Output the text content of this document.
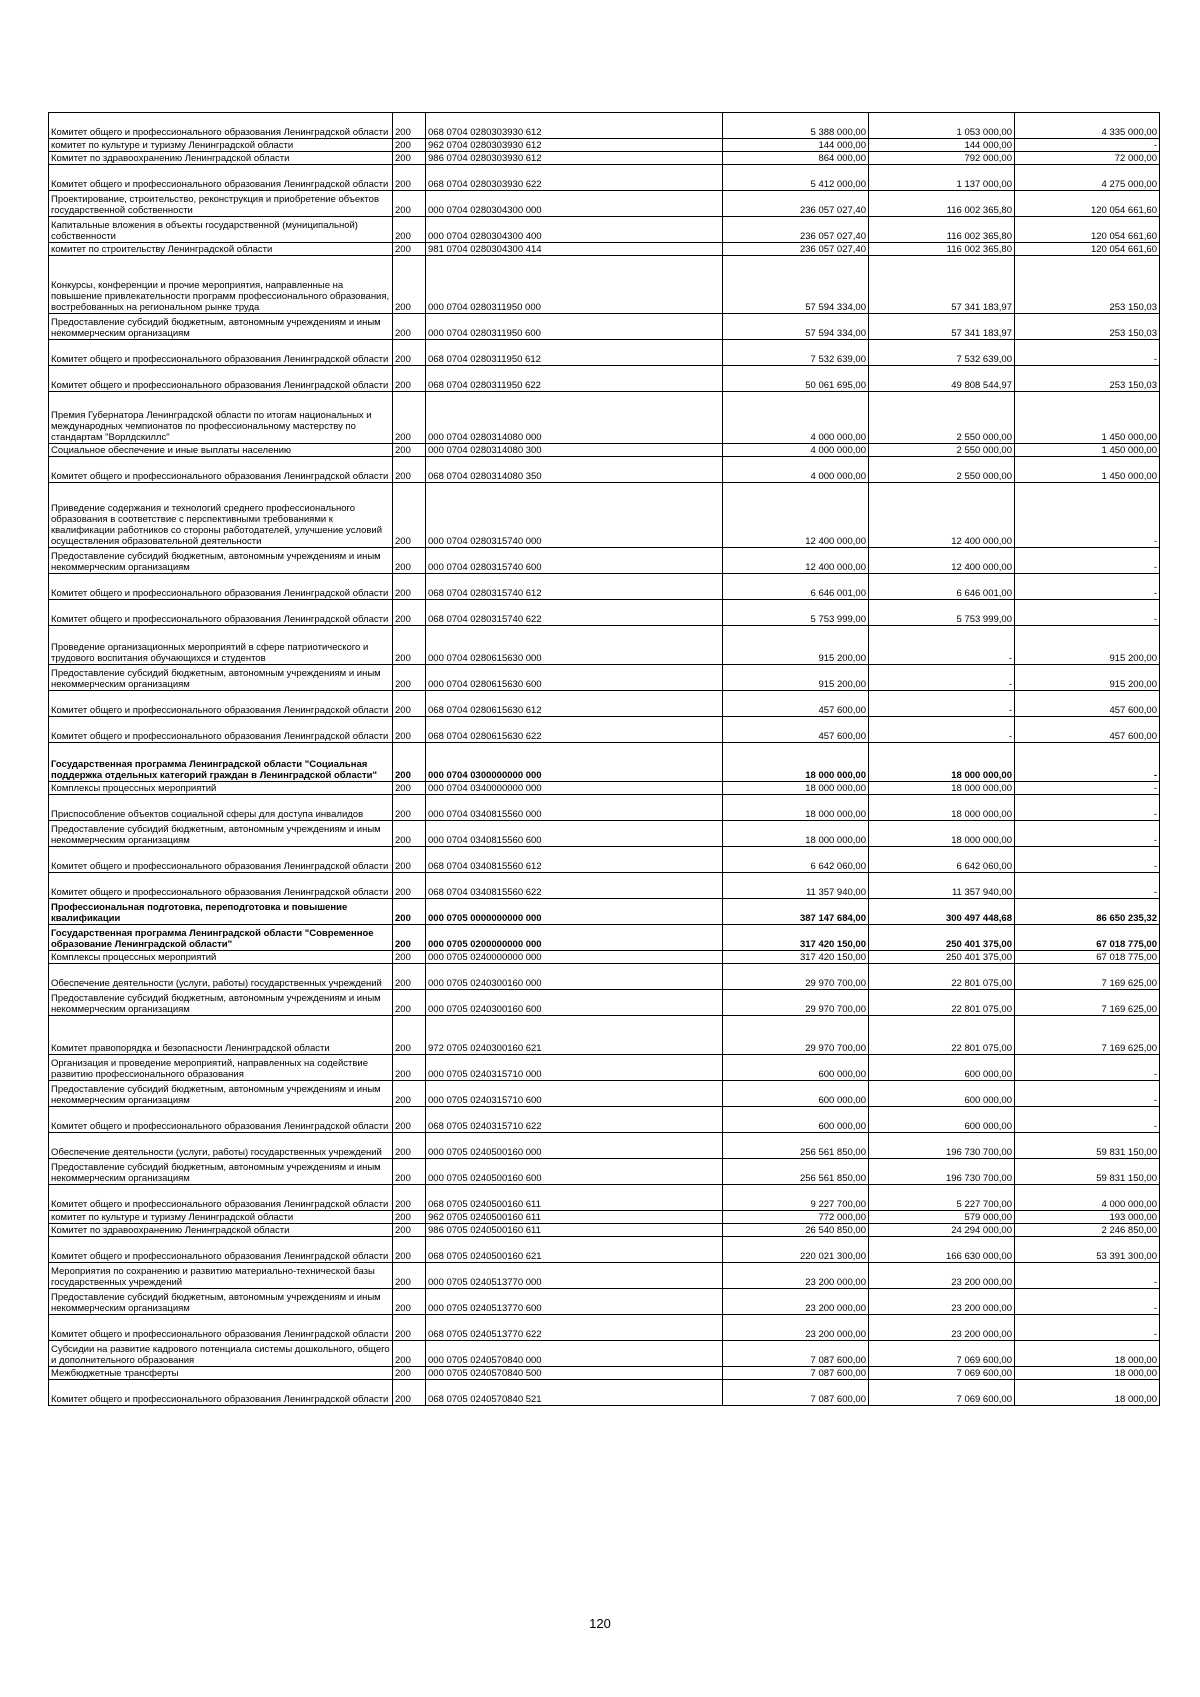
Комитет общего и профессионального образования Ленинградской области	200	068 0704 0280303930 612	5 388 000,00	1 053 000,00	4 335 000,00
комитет по культуре и туризму Ленинградской области	200	962 0704 0280303930 612	144 000,00	144 000,00	-
Комитет по здравоохранению Ленинградской области	200	986 0704 0280303930 612	864 000,00	792 000,00	72 000,00
Комитет общего и профессионального образования Ленинградской области	200	068 0704 0280303930 622	5 412 000,00	1 137 000,00	4 275 000,00
Проектирование, строительство, реконструкция и приобретение объектов государственной собственности	200	000 0704 0280304300 000	236 057 027,40	116 002 365,80	120 054 661,60
Капитальные вложения в объекты государственной (муниципальной) собственности	200	000 0704 0280304300 400	236 057 027,40	116 002 365,80	120 054 661,60
комитет по строительству Ленинградской области	200	981 0704 0280304300 414	236 057 027,40	116 002 365,80	120 054 661,60
Конкурсы, конференции и прочие мероприятия, направленные на повышение привлекательности программ профессионального образования, востребованных на региональном рынке труда	200	000 0704 0280311950 000	57 594 334,00	57 341 183,97	253 150,03
Предоставление субсидий бюджетным, автономным учреждениям и иным некоммерческим организациям	200	000 0704 0280311950 600	57 594 334,00	57 341 183,97	253 150,03
Комитет общего и профессионального образования Ленинградской области	200	068 0704 0280311950 612	7 532 639,00	7 532 639,00	-
Комитет общего и профессионального образования Ленинградской области	200	068 0704 0280311950 622	50 061 695,00	49 808 544,97	253 150,03
Премия Губернатора Ленинградской области по итогам национальных и международных чемпионатов по профессиональному мастерству по стандартам "Ворлдскиллс"	200	000 0704 0280314080 000	4 000 000,00	2 550 000,00	1 450 000,00
Социальное обеспечение и иные выплаты населению	200	000 0704 0280314080 300	4 000 000,00	2 550 000,00	1 450 000,00
Комитет общего и профессионального образования Ленинградской области	200	068 0704 0280314080 350	4 000 000,00	2 550 000,00	1 450 000,00
Приведение содержания и технологий среднего профессионального образования в соответствие с перспективными требованиями к квалификации работников со стороны работодателей, улучшение условий осуществления образовательной деятельности	200	000 0704 0280315740 000	12 400 000,00	12 400 000,00	-
Предоставление субсидий бюджетным, автономным учреждениям и иным некоммерческим организациям	200	000 0704 0280315740 600	12 400 000,00	12 400 000,00	-
Комитет общего и профессионального образования Ленинградской области	200	068 0704 0280315740 612	6 646 001,00	6 646 001,00	-
Комитет общего и профессионального образования Ленинградской области	200	068 0704 0280315740 622	5 753 999,00	5 753 999,00	-
Проведение организационных мероприятий в сфере патриотического и трудового воспитания обучающихся и студентов	200	000 0704 0280615630 000	915 200,00	-	915 200,00
Предоставление субсидий бюджетным, автономным учреждениям и иным некоммерческим организациям	200	000 0704 0280615630 600	915 200,00	-	915 200,00
Комитет общего и профессионального образования Ленинградской области	200	068 0704 0280615630 612	457 600,00	-	457 600,00
Комитет общего и профессионального образования Ленинградской области	200	068 0704 0280615630 622	457 600,00	-	457 600,00
Государственная программа Ленинградской области "Социальная поддержка отдельных категорий граждан в Ленинградской области"	200	000 0704 0300000000 000	18 000 000,00	18 000 000,00	-
Комплексы процессных мероприятий	200	000 0704 0340000000 000	18 000 000,00	18 000 000,00	-
Приспособление объектов социальной сферы для доступа инвалидов	200	000 0704 0340815560 000	18 000 000,00	18 000 000,00	-
Предоставление субсидий бюджетным, автономным учреждениям и иным некоммерческим организациям	200	000 0704 0340815560 600	18 000 000,00	18 000 000,00	-
Комитет общего и профессионального образования Ленинградской области	200	068 0704 0340815560 612	6 642 060,00	6 642 060,00	-
Комитет общего и профессионального образования Ленинградской области	200	068 0704 0340815560 622	11 357 940,00	11 357 940,00	-
Профессиональная подготовка, переподготовка и повышение квалификации	200	000 0705 0000000000 000	387 147 684,00	300 497 448,68	86 650 235,32
Государственная программа Ленинградской области "Современное образование Ленинградской области"	200	000 0705 0200000000 000	317 420 150,00	250 401 375,00	67 018 775,00
Комплексы процессных мероприятий	200	000 0705 0240000000 000	317 420 150,00	250 401 375,00	67 018 775,00
Обеспечение деятельности (услуги, работы) государственных учреждений	200	000 0705 0240300160 000	29 970 700,00	22 801 075,00	7 169 625,00
Предоставление субсидий бюджетным, автономным учреждениям и иным некоммерческим организациям	200	000 0705 0240300160 600	29 970 700,00	22 801 075,00	7 169 625,00
Комитет правопорядка и безопасности Ленинградской области	200	972 0705 0240300160 621	29 970 700,00	22 801 075,00	7 169 625,00
Организация и проведение мероприятий, направленных на содействие развитию профессионального образования	200	000 0705 0240315710 000	600 000,00	600 000,00	-
Предоставление субсидий бюджетным, автономным учреждениям и иным некоммерческим организациям	200	000 0705 0240315710 600	600 000,00	600 000,00	-
Комитет общего и профессионального образования Ленинградской области	200	068 0705 0240315710 622	600 000,00	600 000,00	-
Обеспечение деятельности (услуги, работы) государственных учреждений	200	000 0705 0240500160 000	256 561 850,00	196 730 700,00	59 831 150,00
Предоставление субсидий бюджетным, автономным учреждениям и иным некоммерческим организациям	200	000 0705 0240500160 600	256 561 850,00	196 730 700,00	59 831 150,00
Комитет общего и профессионального образования Ленинградской области	200	068 0705 0240500160 611	9 227 700,00	5 227 700,00	4 000 000,00
комитет по культуре и туризму Ленинградской области	200	962 0705 0240500160 611	772 000,00	579 000,00	193 000,00
Комитет по здравоохранению Ленинградской области	200	986 0705 0240500160 611	26 540 850,00	24 294 000,00	2 246 850,00
Комитет общего и профессионального образования Ленинградской области	200	068 0705 0240500160 621	220 021 300,00	166 630 000,00	53 391 300,00
Мероприятия по сохранению и развитию материально-технической базы государственных учреждений	200	000 0705 0240513770 000	23 200 000,00	23 200 000,00	-
Предоставление субсидий бюджетным, автономным учреждениям и иным некоммерческим организациям	200	000 0705 0240513770 600	23 200 000,00	23 200 000,00	-
Комитет общего и профессионального образования Ленинградской области	200	068 0705 0240513770 622	23 200 000,00	23 200 000,00	-
Субсидии на развитие кадрового потенциала системы дошкольного, общего и дополнительного образования	200	000 0705 0240570840 000	7 087 600,00	7 069 600,00	18 000,00
Межбюджетные трансферты	200	000 0705 0240570840 500	7 087 600,00	7 069 600,00	18 000,00
Комитет общего и профессионального образования Ленинградской области	200	068 0705 0240570840 521	7 087 600,00	7 069 600,00	18 000,00
120
